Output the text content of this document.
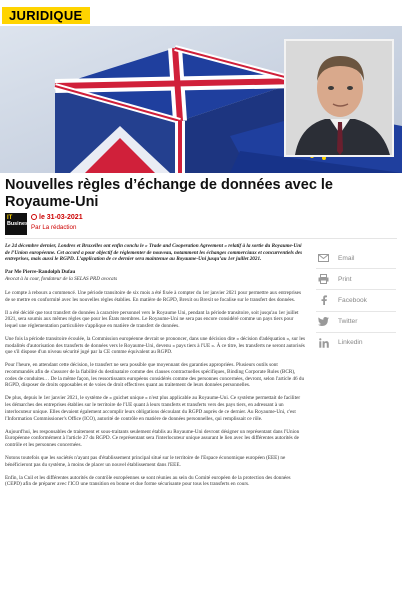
JURIDIQUE
Nouvelles règles d’échange de données avec le Royaume-Uni
IT
Business
le 31-03-2021
Par La rédaction

Le 24 décembre dernier, Londres et Bruxelles ont enfin conclu le « Trade and Cooperation Agreement » relatif à la sortie du Royaume-Uni de l’Union européenne. Cet accord a pour objectif de réglementer de nouveau, notamment les échanges commerciaux et concurrentiels des entreprises, mais aussi le RGPD. L’application de ce dernier sera maintenue au Royaume-Uni jusqu’au 1er juillet 2021.

Par Me Pierre-Randolph Dufau

Avocat à la cour, fondateur de la SELAS PRD avocats

Le compte à rebours a commencé. Une période transitoire de six mois a été fixée à compter du 1er janvier 2021 pour permettre aux entreprises de se mettre en conformité avec les nouvelles règles établies. En matière de RGPD, Brexit ou Brexit se focalise sur le transfert des données.

Il a été décidé que tout transfert de données à caractère personnel vers le Royaume Uni, pendant la période transitoire, soit jusqu'au 1er juillet 2021, sera soumis aux mêmes règles que pour les États membres. Le Royaume-Uni ne sera pas encore considéré comme un pays tiers pour lequel une réglementation particulière s'applique en matière de transfert de données.

Une fois la période transitoire écoulée, la Commission européenne devrait se prononcer, dans une décision dite « décision d'adéquation », sur les modalités d'autorisation des transferts de données vers le Royaume-Uni, devenu « pays tiers à l'UE ». À ce titre, les transferts ne seront autorisés que s'il dispose d'un niveau sécurité jugé par la CE comme équivalent au RGPD.

Pour l'heure, en attendant cette décision, le transfert ne sera possible que moyennant des garanties appropriées. Plusieurs outils sont recommandés afin de s'assurer de la fiabilité du destinataire comme des clauses contractuelles spécifiques, Binding Corporate Rules (BCR), codes de conduites… De la même façon, les ressortissants européens considérés comme des personnes concernées, devront, selon l'article 46 du RGPD, disposer de droits opposables et de voies de droit effectives quant au traitement de leurs données personnelles.

De plus, depuis le 1er janvier 2021, le système de « guichet unique » n'est plus applicable au Royaume-Uni. Ce système permettait de faciliter les démarches des entreprises établies sur le territoire de l'UE quant à leurs transferts et transferts vers des pays tiers, en adressant à un interlocuteur unique. Elles devaient également accomplir leurs obligations découlant du RGPD auprès de ce dernier. Au Royaume-Uni, c'est l'Information Commissioner's Office (ICO), autorité de contrôle en matière de données personnelles, qui remplissait ce rôle.

Aujourd'hui, les responsables de traitement et sous-traitants seulement établis au Royaume-Uni devront désigner un représentant dans l'Union Européenne conformément à l'article 27 du RGPD. Ce représentant sera l'interlocuteur unique assurant le lien avec les différentes autorités de contrôle et les personnes concernées.

Notons toutefois que les sociétés n'ayant pas d'établissement principal situé sur le territoire de l'Espace économique européen (EEE) ne bénéficieront pas du système, à moins de placer un nouvel établissement dans l'EEE.

Enfin, la Cnil et les différentes autorités de contrôle européennes se sont réunies au sein du Comité européen de la protection des données (CEPD) afin de préparer avec l'ICO une transition en bonne et due forme sécurisante pour tous les transferts en cours.

Email
Print
Facebook
Twitter
Linkedin
